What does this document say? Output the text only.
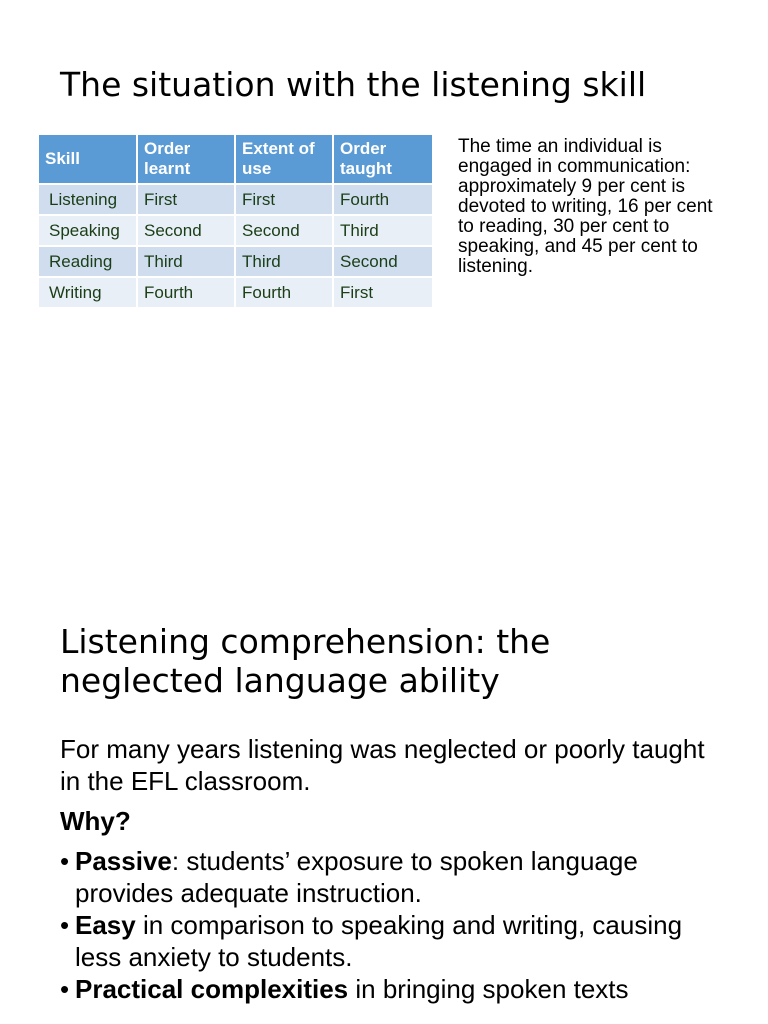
The situation with the listening skill
Skill	Order learnt	Extent of use	Order taught
Listening	First	First	Fourth
Speaking	Second	Second	Third
Reading	Third	Third	Second
Writing	Fourth	Fourth	First
The time an individual is engaged in communication: approximately 9 per cent is devoted to writing, 16 per cent to reading, 30 per cent to speaking, and 45 per cent to listening.
Listening comprehension: the neglected language ability

For many years listening was neglected or poorly taught in the EFL classroom.

Why?

• Passive: students’ exposure to spoken language provides adequate instruction.

• Easy in comparison to speaking and writing, causing less anxiety to students.

• Practical complexities in bringing spoken texts
